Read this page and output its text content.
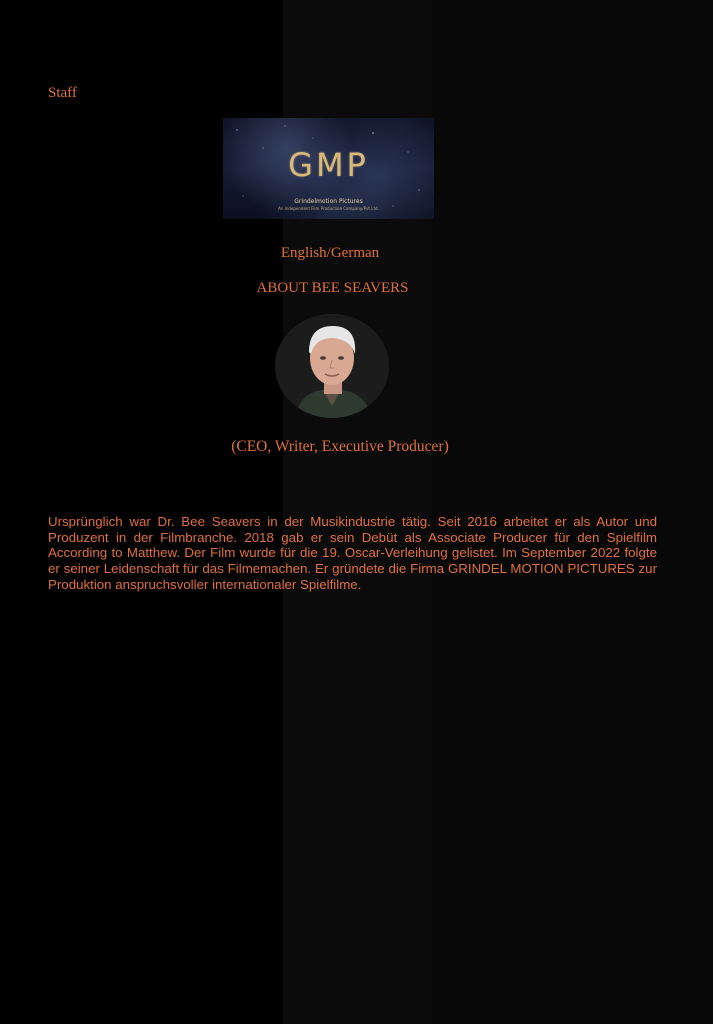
Staff
GMP
Grindelmotion Pictures
An Independent Film Production Company/Pvt.Ltd.
English/German
ABOUT BEE SEAVERS
(CEO, Writer, Executive Producer)

Ursprünglich war Dr. Bee Seavers in der Musikindustrie tätig. Seit 2016 arbeitet er als Autor und Produzent in der Filmbranche. 2018 gab er sein Debüt als Associate Producer für den Spielfilm According to Matthew. Der Film wurde für die 19. Oscar-Verleihung gelistet. Im September 2022 folgte er seiner Leidenschaft für das Filmemachen. Er gründete die Firma GRINDEL MOTION PICTURES zur Produktion anspruchsvoller internationaler Spielfilme.
